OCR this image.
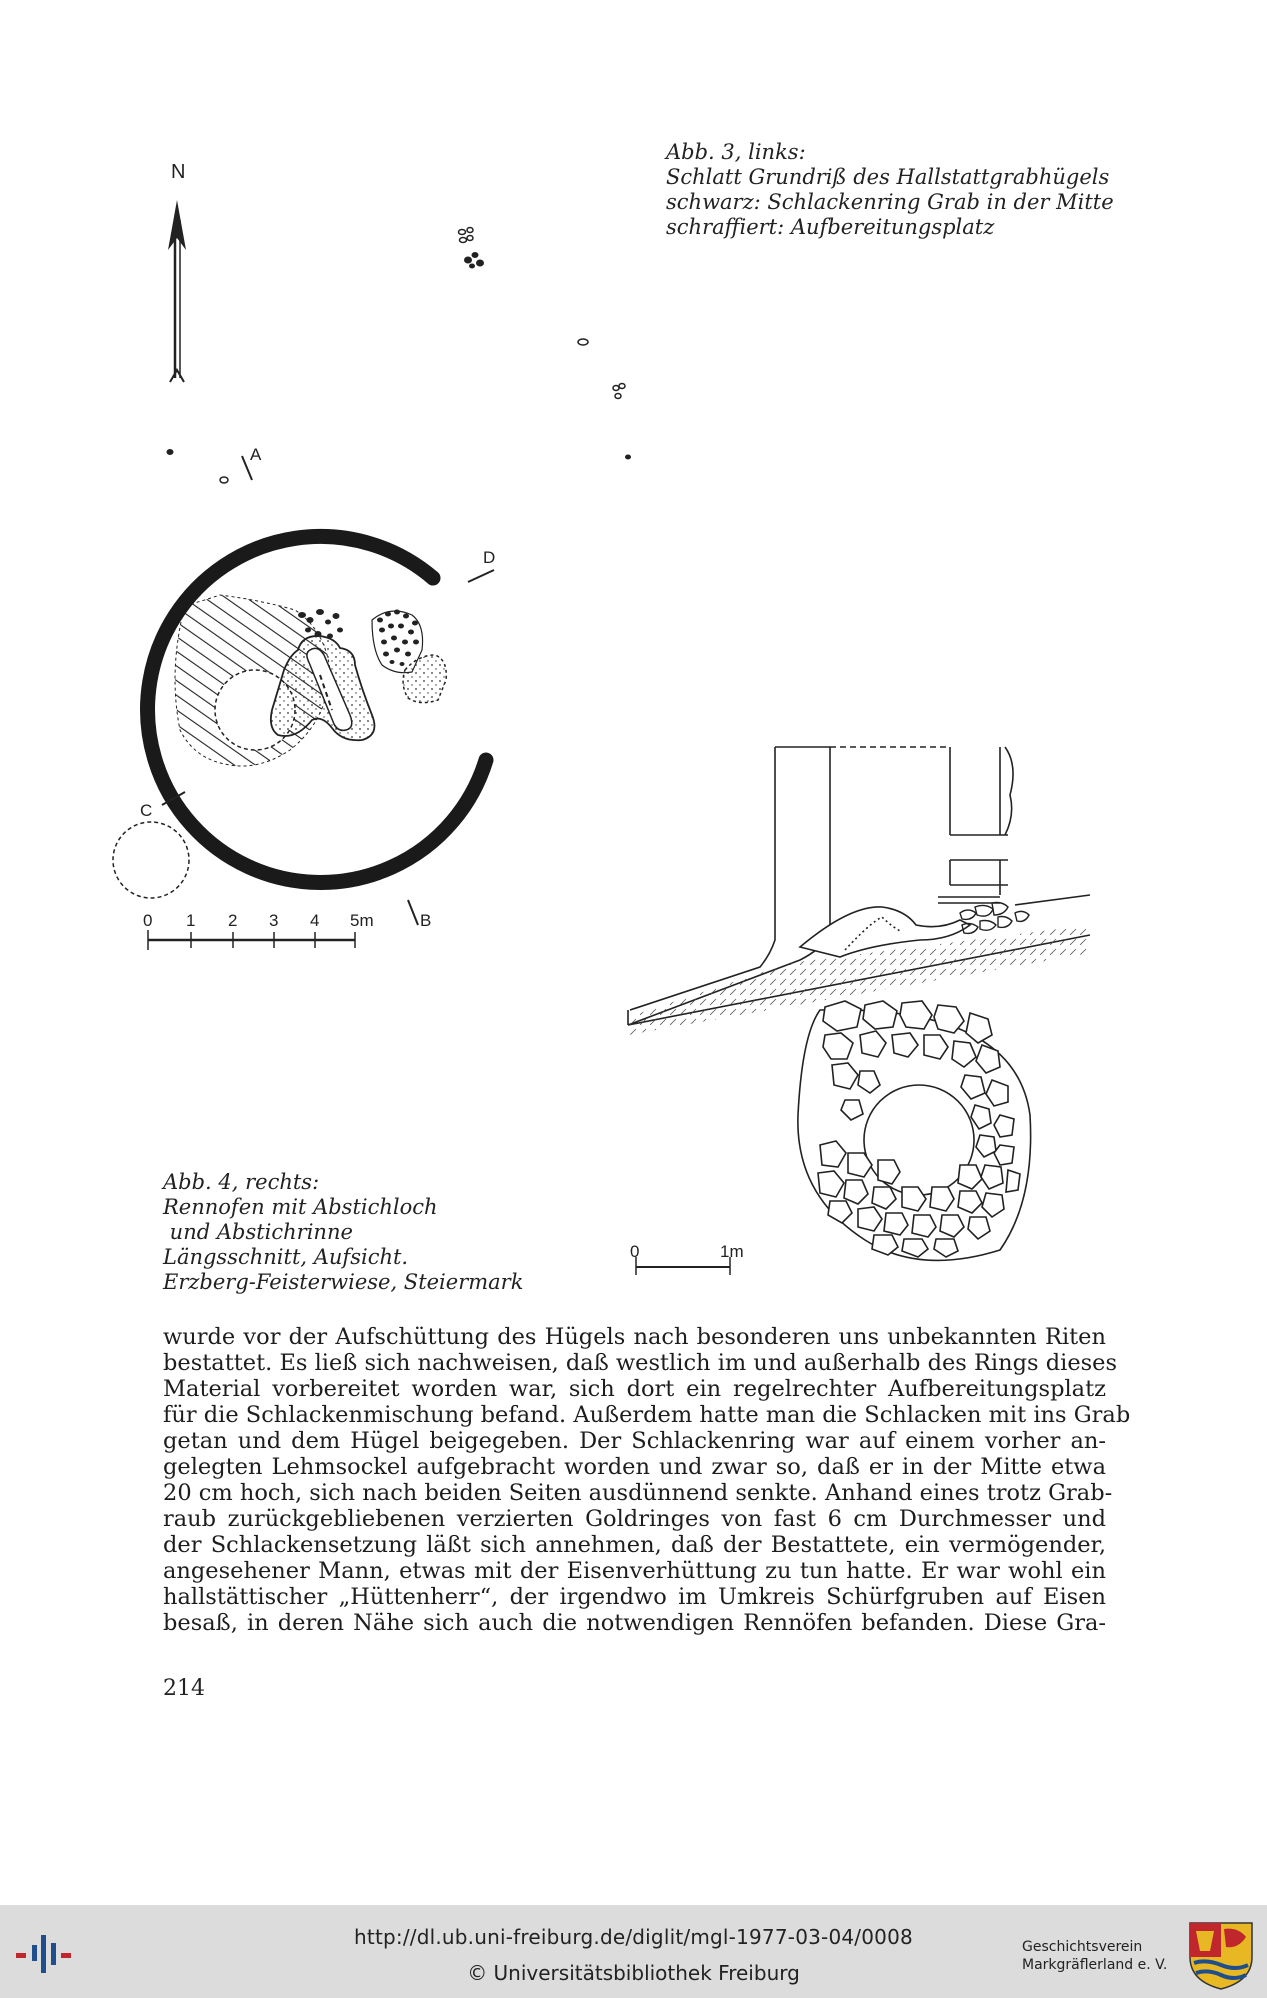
Abb. 3, links:
Schlatt Grundriß des Hallstattgrabhügels
schwarz: Schlackenring Grab in der Mitte
schraffiert: Aufbereitungsplatz
N
A
D
C
B
0 1 2 3 4 5m
0	1m
Abb. 4, rechts:
Rennofen mit Abstichloch
und Abstichrinne
Längsschnitt, Aufsicht.
Erzberg-Feisterwiese, Steiermark
wurde vor der Aufschüttung des Hügels nach besonderen uns unbekannten Riten
bestattet. Es ließ sich nachweisen, daß westlich im und außerhalb des Rings dieses
Material vorbereitet worden war, sich dort ein regelrechter Aufbereitungsplatz
für die Schlackenmischung befand. Außerdem hatte man die Schlacken mit ins Grab
getan und dem Hügel beigegeben. Der Schlackenring war auf einem vorher an-
gelegten Lehmsockel aufgebracht worden und zwar so, daß er in der Mitte etwa
20 cm hoch, sich nach beiden Seiten ausdünnend senkte. Anhand eines trotz Grab-
raub zurückgebliebenen verzierten Goldringes von fast 6 cm Durchmesser und
der Schlackensetzung läßt sich annehmen, daß der Bestattete, ein vermögender,
angesehener Mann, etwas mit der Eisenverhüttung zu tun hatte. Er war wohl ein
hallstättischer „Hüttenherr“, der irgendwo im Umkreis Schürfgruben auf Eisen
besaß, in deren Nähe sich auch die notwendigen Rennöfen befanden. Diese Gra-
214
http://dl.ub.uni-freiburg.de/diglit/mgl-1977-03-04/0008
© Universitätsbibliothek Freiburg
Geschichtsverein
Markgräflerland e. V.
